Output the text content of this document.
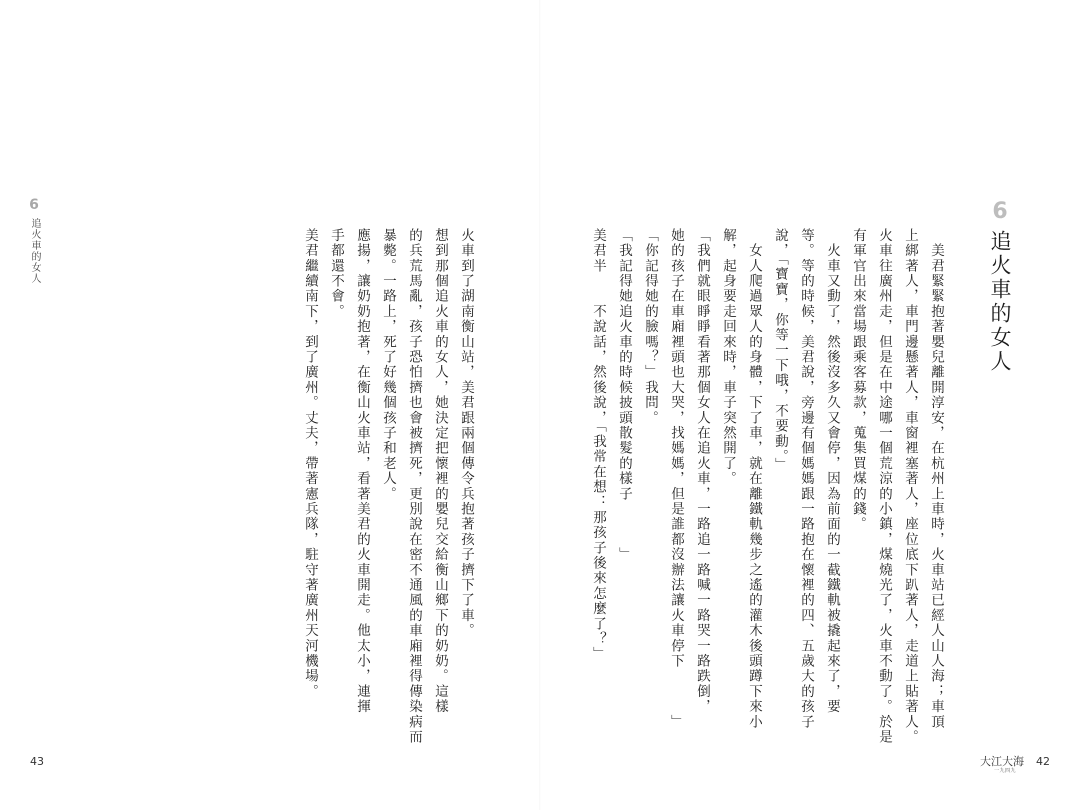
6
追火車的女人
　美君緊緊抱著嬰兒離開淳安，在杭州上車時，火車站已經人山人海；車頂
上綁著人，車門邊懸著人，車窗裡塞著人，座位底下趴著人，走道上貼著人。
火車往廣州走，但是在中途哪一個荒涼的小鎮，煤燒光了，火車不動了。於是
有軍官出來當場跟乘客募款，蒐集買煤的錢。
　火車又動了，然後沒多久又會停，因為前面的一截鐵軌被撬起來了，要
等。等的時候，美君說，旁邊有個媽媽跟一路抱在懷裡的四、五歲大的孩子
說，「寶寶，你等一下哦，不要動。」
　女人爬過眾人的身體，下了車，就在離鐵軌幾步之遙的灌木後頭蹲下來小
解，起身要走回來時，車子突然開了。
「我們就眼睜睜看著那個女人在追火車，一路追一路喊一路哭一路跌倒，
她的孩子在車廂裡頭也大哭，找媽媽，但是誰都沒辦法讓火車停下　　　」
「你記得她的臉嗎？」我問。
「我記得她追火車的時候披頭散髮的樣子　　　」
美君半　　不說話，然後說，「我常在想：那孩子後來怎麼了？」
6
追火車的女人	火車到了湖南衡山站，美君跟兩個傳令兵抱著孩子擠下了車。
想到那個追火車的女人，她決定把懷裡的嬰兒交給衡山鄉下的奶奶。這樣
的兵荒馬亂，孩子恐怕擠也會被擠死，更別說在密不通風的車廂裡得傳染病而
暴斃。一路上，死了好幾個孩子和老人。
應揚，讓奶奶抱著，在衡山火車站，看著美君的火車開走。他太小，連揮
手都還不會。
美君繼續南下，到了廣州。丈夫，帶著憲兵隊，駐守著廣州天河機場。
43	大江大海
一九四九
42
